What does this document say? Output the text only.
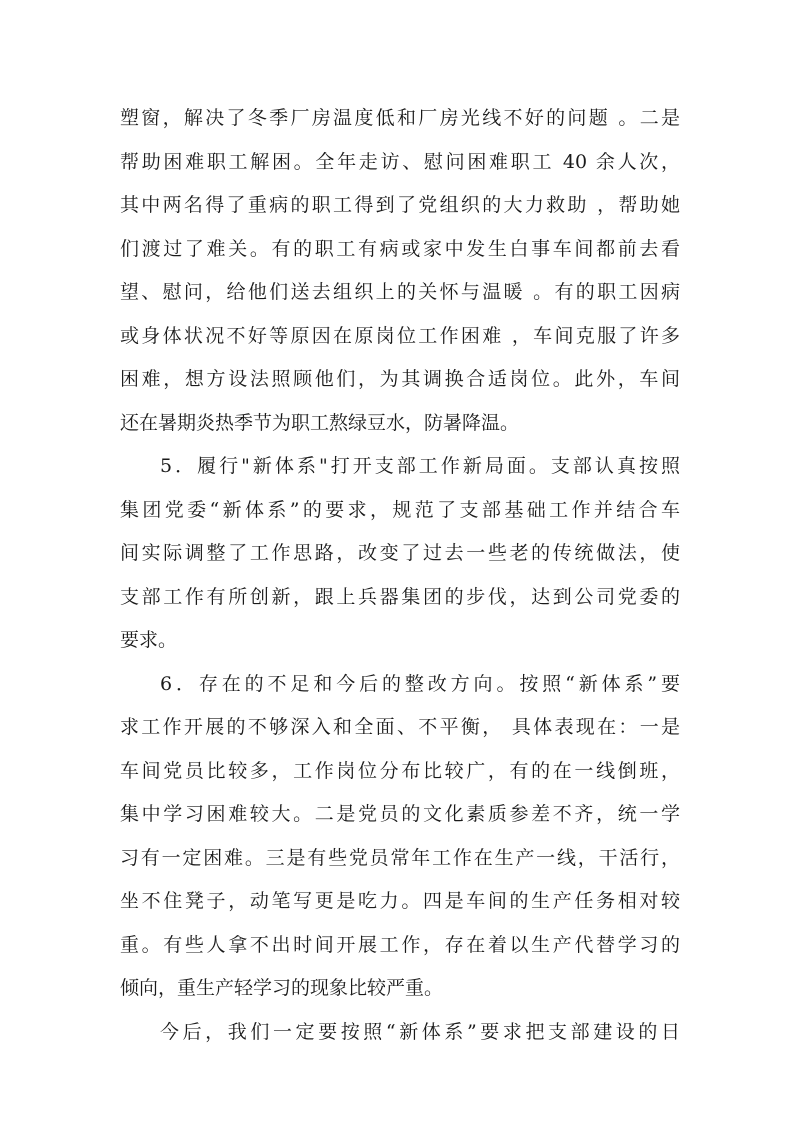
塑窗，解决了冬季厂房温度低和厂房光线不好的问题 。二是
帮助困难职工解困。全年走访、慰问困难职工 40 余人次，
其中两名得了重病的职工得到了党组织的大力救助 ，帮助她
们渡过了难关。有的职工有病或家中发生白事车间都前去看
望、慰问，给他们送去组织上的关怀与温暖 。有的职工因病
或身体状况不好等原因在原岗位工作困难 ，车间克服了许多
困难，想方设法照顾他们，为其调换合适岗位。此外，车间
还在暑期炎热季节为职工熬绿豆水，防暑降温。
5．履行"新体系"打开支部工作新局面。支部认真按照
集团党委“新体系”的要求，规范了支部基础工作并结合车
间实际调整了工作思路，改变了过去一些老的传统做法，使
支部工作有所创新，跟上兵器集团的步伐，达到公司党委的
要求。
6．存在的不足和今后的整改方向。按照“新体系”要
求工作开展的不够深入和全面、不平衡， 具体表现在：一是
车间党员比较多，工作岗位分布比较广，有的在一线倒班，
集中学习困难较大。二是党员的文化素质参差不齐，统一学
习有一定困难。三是有些党员常年工作在生产一线，干活行，
坐不住凳子，动笔写更是吃力。四是车间的生产任务相对较
重。有些人拿不出时间开展工作，存在着以生产代替学习的
倾向，重生产轻学习的现象比较严重。
今后，我们一定要按照“新体系”要求把支部建设的日
